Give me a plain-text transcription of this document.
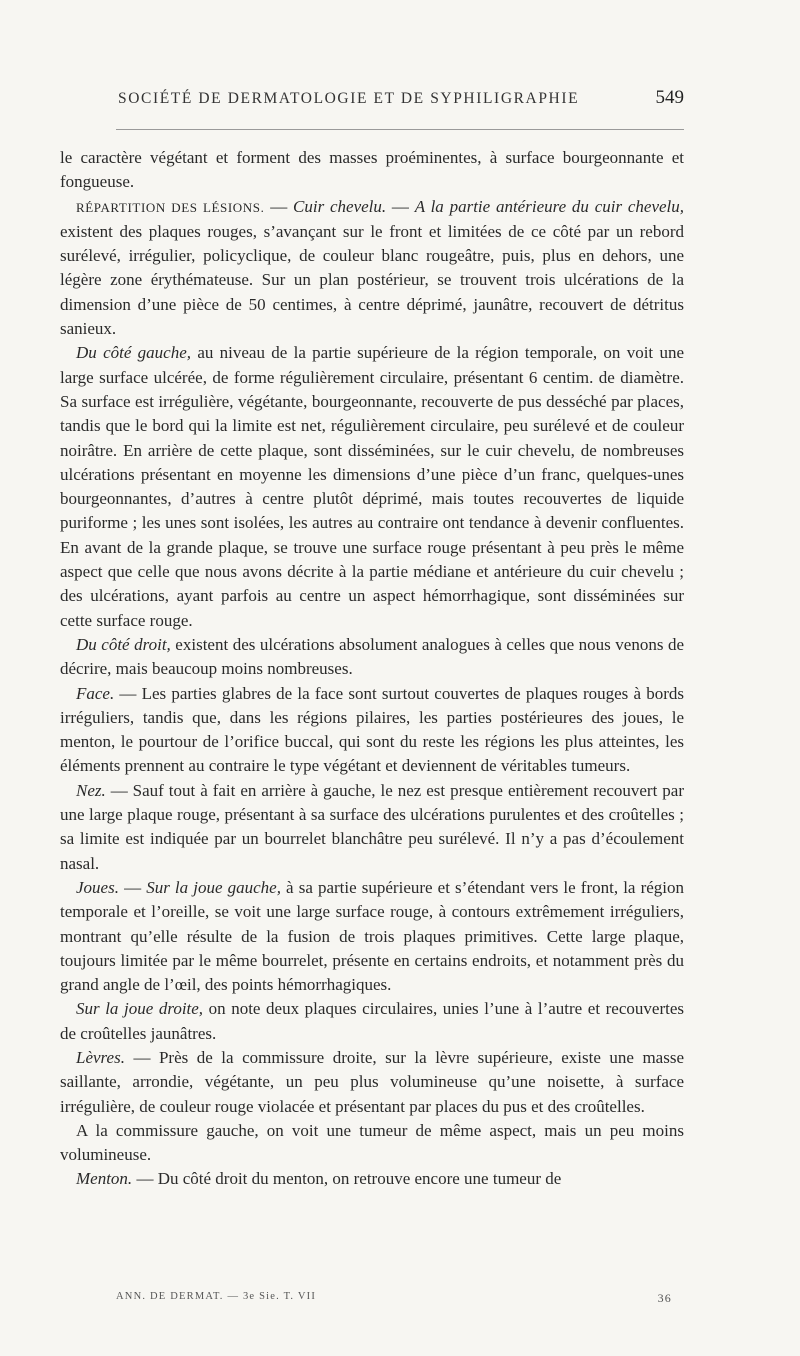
SOCIÉTÉ DE DERMATOLOGIE ET DE SYPHILIGRAPHIE	549

le caractère végétant et forment des masses proéminentes, à surface bourgeonnante et fongueuse.

RÉPARTITION DES LÉSIONS. — Cuir chevelu. — A la partie antérieure du cuir chevelu, existent des plaques rouges, s’avançant sur le front et limitées de ce côté par un rebord surélevé, irrégulier, policyclique, de couleur blanc rougeâtre, puis, plus en dehors, une légère zone érythémateuse. Sur un plan postérieur, se trouvent trois ulcérations de la dimension d’une pièce de 50 centimes, à centre déprimé, jaunâtre, recouvert de détritus sanieux.

Du côté gauche, au niveau de la partie supérieure de la région temporale, on voit une large surface ulcérée, de forme régulièrement circulaire, présentant 6 centim. de diamètre. Sa surface est irrégulière, végétante, bourgeonnante, recouverte de pus desséché par places, tandis que le bord qui la limite est net, régulièrement circulaire, peu surélevé et de couleur noirâtre. En arrière de cette plaque, sont disséminées, sur le cuir chevelu, de nombreuses ulcérations présentant en moyenne les dimensions d’une pièce d’un franc, quelques-unes bourgeonnantes, d’autres à centre plutôt déprimé, mais toutes recouvertes de liquide puriforme ; les unes sont isolées, les autres au contraire ont tendance à devenir confluentes. En avant de la grande plaque, se trouve une surface rouge présentant à peu près le même aspect que celle que nous avons décrite à la partie médiane et antérieure du cuir chevelu ; des ulcérations, ayant parfois au centre un aspect hémorrhagique, sont disséminées sur cette surface rouge.

Du côté droit, existent des ulcérations absolument analogues à celles que nous venons de décrire, mais beaucoup moins nombreuses.

Face. — Les parties glabres de la face sont surtout couvertes de plaques rouges à bords irréguliers, tandis que, dans les régions pilaires, les parties postérieures des joues, le menton, le pourtour de l’orifice buccal, qui sont du reste les régions les plus atteintes, les éléments prennent au contraire le type végétant et deviennent de véritables tumeurs.

Nez. — Sauf tout à fait en arrière à gauche, le nez est presque entièrement recouvert par une large plaque rouge, présentant à sa surface des ulcérations purulentes et des croûtelles ; sa limite est indiquée par un bourrelet blanchâtre peu surélevé. Il n’y a pas d’écoulement nasal.

Joues. — Sur la joue gauche, à sa partie supérieure et s’étendant vers le front, la région temporale et l’oreille, se voit une large surface rouge, à contours extrêmement irréguliers, montrant qu’elle résulte de la fusion de trois plaques primitives. Cette large plaque, toujours limitée par le même bourrelet, présente en certains endroits, et notamment près du grand angle de l’œil, des points hémorrhagiques.

Sur la joue droite, on note deux plaques circulaires, unies l’une à l’autre et recouvertes de croûtelles jaunâtres.

Lèvres. — Près de la commissure droite, sur la lèvre supérieure, existe une masse saillante, arrondie, végétante, un peu plus volumineuse qu’une noisette, à surface irrégulière, de couleur rouge violacée et présentant par places du pus et des croûtelles.

A la commissure gauche, on voit une tumeur de même aspect, mais un peu moins volumineuse.

Menton. — Du côté droit du menton, on retrouve encore une tumeur de

ANN. DE DERMAT. — 3e Sie. T. VII	36
